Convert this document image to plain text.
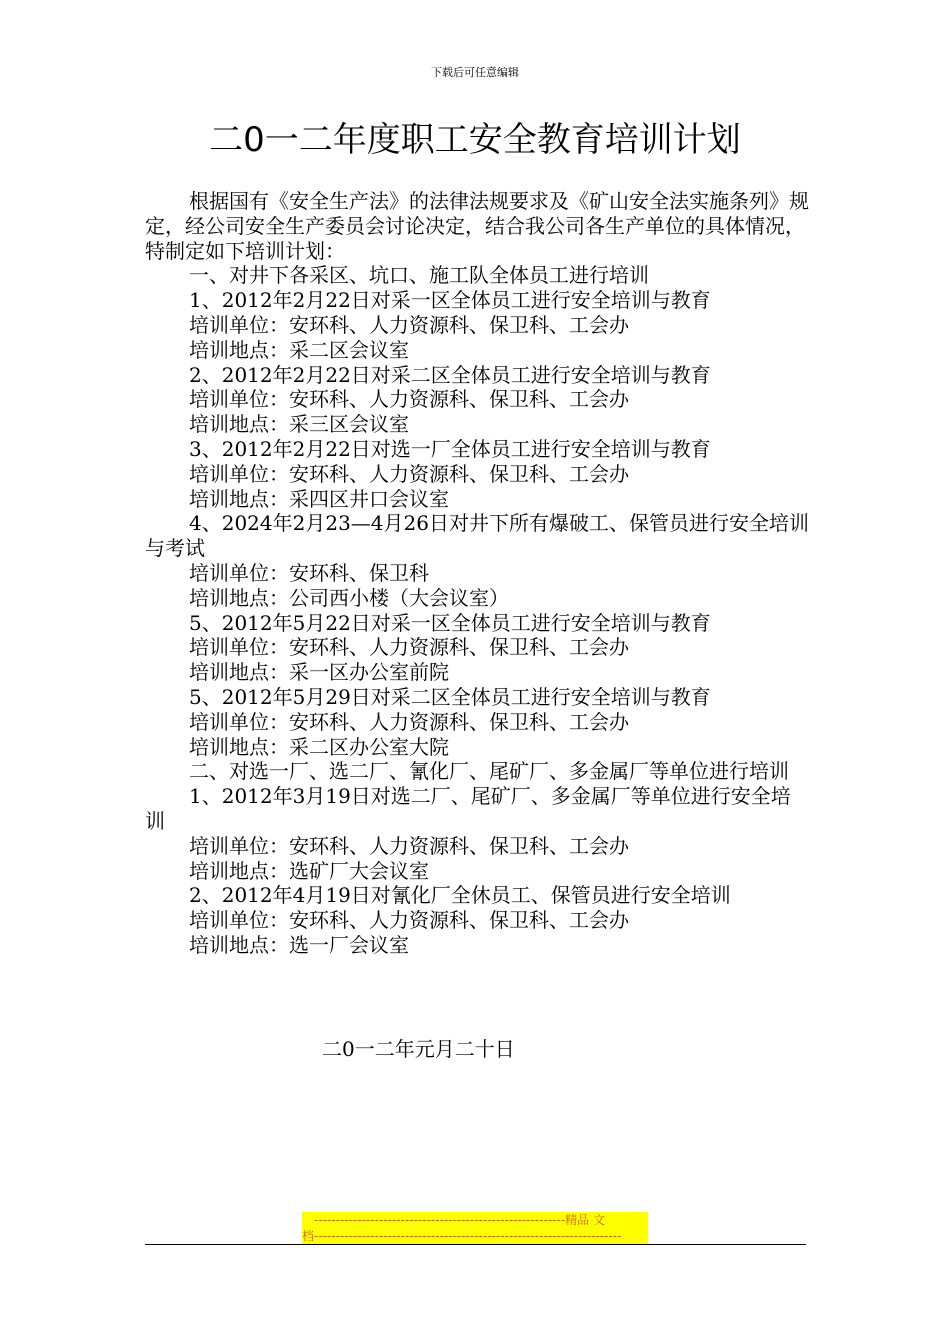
下载后可任意编辑
二0一二年度职工安全教育培训计划

根据国有《安全生产法》的法律法规要求及《矿山安全法实施条列》规定，经公司安全生产委员会讨论决定，结合我公司各生产单位的具体情况，特制定如下培训计划：

一、对井下各采区、坑口、施工队全体员工进行培训

1、2012年2月22日对采一区全体员工进行安全培训与教育

培训单位：安环科、人力资源科、保卫科、工会办

培训地点：采二区会议室

2、2012年2月22日对采二区全体员工进行安全培训与教育

培训单位：安环科、人力资源科、保卫科、工会办

培训地点：采三区会议室

3、2012年2月22日对选一厂全体员工进行安全培训与教育

培训单位：安环科、人力资源科、保卫科、工会办

培训地点：采四区井口会议室

4、2024年2月23—4月26日对井下所有爆破工、保管员进行安全培训与考试

培训单位：安环科、保卫科

培训地点：公司西小楼（大会议室）

5、2012年5月22日对采一区全体员工进行安全培训与教育

培训单位：安环科、人力资源科、保卫科、工会办

培训地点：采一区办公室前院

5、2012年5月29日对采二区全体员工进行安全培训与教育

培训单位：安环科、人力资源科、保卫科、工会办

培训地点：采二区办公室大院

二、对选一厂、选二厂、氰化厂、尾矿厂、多金属厂等单位进行培训

1、2012年3月19日对选二厂、尾矿厂、多金属厂等单位进行安全培训

培训单位：安环科、人力资源科、保卫科、工会办

培训地点：选矿厂大会议室

2、2012年4月19日对氰化厂全休员工、保管员进行安全培训

培训单位：安环科、人力资源科、保卫科、工会办

培训地点：选一厂会议室

二0一二年元月二十日
----------------------------------------------------------精品 文
档-----------------------------------------------------------------------
